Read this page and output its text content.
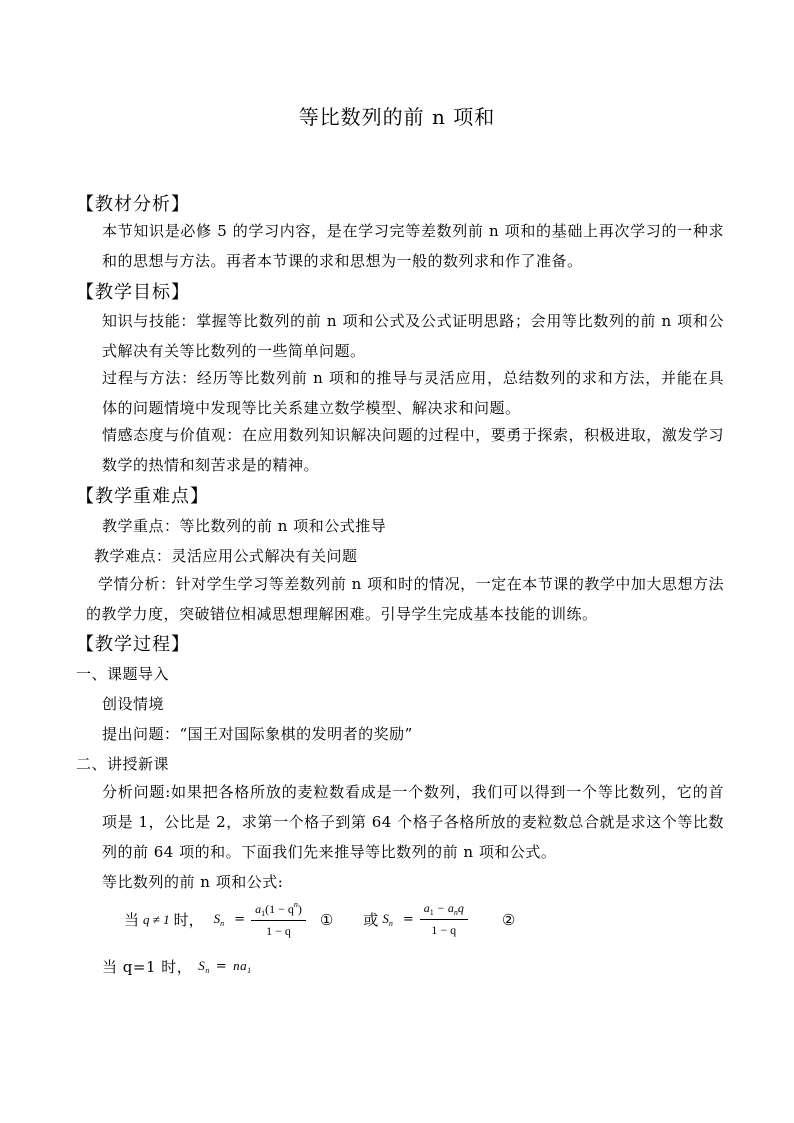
等比数列的前 n 项和
【教材分析】
本节知识是必修 5 的学习内容，是在学习完等差数列前 n 项和的基础上再次学习的一种求和的思想与方法。再者本节课的求和思想为一般的数列求和作了准备。
【教学目标】
知识与技能：掌握等比数列的前 n 项和公式及公式证明思路；会用等比数列的前 n 项和公式解决有关等比数列的一些简单问题。
过程与方法：经历等比数列前 n 项和的推导与灵活应用，总结数列的求和方法，并能在具体的问题情境中发现等比关系建立数学模型、解决求和问题。
情感态度与价值观：在应用数列知识解决问题的过程中，要勇于探索，积极进取，激发学习数学的热情和刻苦求是的精神。
【教学重难点】
教学重点：等比数列的前 n 项和公式推导
教学难点：灵活应用公式解决有关问题
学情分析：针对学生学习等差数列前 n 项和时的情况，一定在本节课的教学中加大思想方法的教学力度，突破错位相减思想理解困难。引导学生完成基本技能的训练。
【教学过程】
一、课题导入
创设情境
提出问题：“国王对国际象棋的发明者的奖励”
二、讲授新课
分析问题:如果把各格所放的麦粒数看成是一个数列，我们可以得到一个等比数列，它的首项是 1，公比是 2，求第一个格子到第 64 个格子各格所放的麦粒数总合就是求这个等比数列的前 64 项的和。下面我们先来推导等比数列的前 n 项和公式。
等比数列的前 n 项和公式:
当 q ≠ 1 时， $S_n = \frac{a_1(1 - q^n)}{1 - q}$ ① 或 $S_n = \frac{a_1 - a_nq}{1 - q}$ ②
当 q=1 时， $S_n = na_1$
